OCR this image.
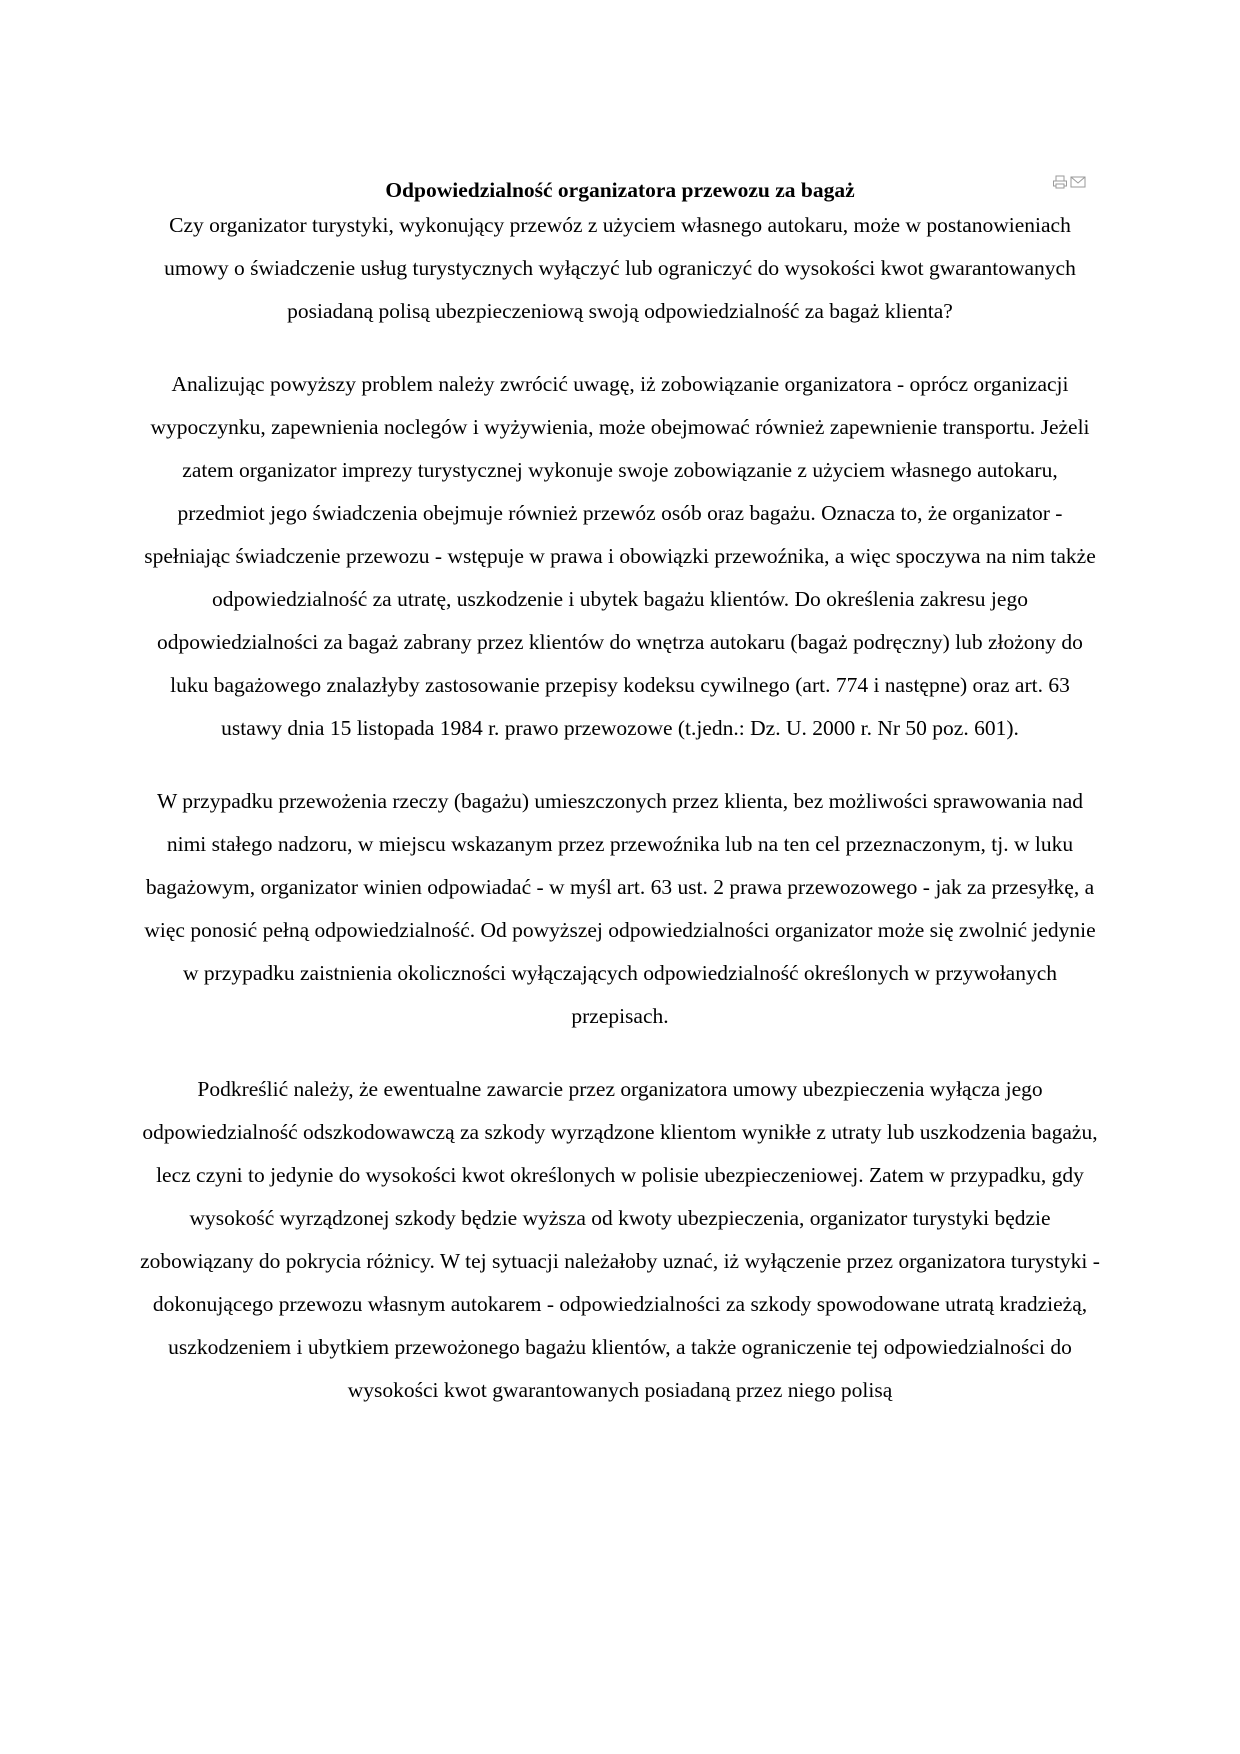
Odpowiedzialność organizatora przewozu za bagaż

Czy organizator turystyki, wykonujący przewóz z użyciem własnego autokaru, może w postanowieniach umowy o świadczenie usług turystycznych wyłączyć lub ograniczyć do wysokości kwot gwarantowanych posiadaną polisą ubezpieczeniową swoją odpowiedzialność za bagaż klienta?

Analizując powyższy problem należy zwrócić uwagę, iż zobowiązanie organizatora - oprócz organizacji wypoczynku, zapewnienia noclegów i wyżywienia, może obejmować również zapewnienie transportu. Jeżeli zatem organizator imprezy turystycznej wykonuje swoje zobowiązanie z użyciem własnego autokaru, przedmiot jego świadczenia obejmuje również przewóz osób oraz bagażu. Oznacza to, że organizator - spełniając świadczenie przewozu - wstępuje w prawa i obowiązki przewoźnika, a więc spoczywa na nim także odpowiedzialność za utratę, uszkodzenie i ubytek bagażu klientów. Do określenia zakresu jego odpowiedzialności za bagaż zabrany przez klientów do wnętrza autokaru (bagaż podręczny) lub złożony do luku bagażowego znalazłyby zastosowanie przepisy kodeksu cywilnego (art. 774 i następne) oraz art. 63 ustawy dnia 15 listopada 1984 r. prawo przewozowe (t.jedn.: Dz. U. 2000 r. Nr 50 poz. 601).

W przypadku przewożenia rzeczy (bagażu) umieszczonych przez klienta, bez możliwości sprawowania nad nimi stałego nadzoru, w miejscu wskazanym przez przewoźnika lub na ten cel przeznaczonym, tj. w luku bagażowym, organizator winien odpowiadać - w myśl art. 63 ust. 2 prawa przewozowego - jak za przesyłkę, a więc ponosić pełną odpowiedzialność. Od powyższej odpowiedzialności organizator może się zwolnić jedynie w przypadku zaistnienia okoliczności wyłączających odpowiedzialność określonych w przywołanych przepisach.

Podkreślić należy, że ewentualne zawarcie przez organizatora umowy ubezpieczenia wyłącza jego odpowiedzialność odszkodowawczą za szkody wyrządzone klientom wynikłe z utraty lub uszkodzenia bagażu, lecz czyni to jedynie do wysokości kwot określonych w polisie ubezpieczeniowej. Zatem w przypadku, gdy wysokość wyrządzonej szkody będzie wyższa od kwoty ubezpieczenia, organizator turystyki będzie zobowiązany do pokrycia różnicy. W tej sytuacji należałoby uznać, iż wyłączenie przez organizatora turystyki - dokonującego przewozu własnym autokarem - odpowiedzialności za szkody spowodowane utratą kradzieżą, uszkodzeniem i ubytkiem przewożonego bagażu klientów, a także ograniczenie tej odpowiedzialności do wysokości kwot gwarantowanych posiadaną przez niego polisą
